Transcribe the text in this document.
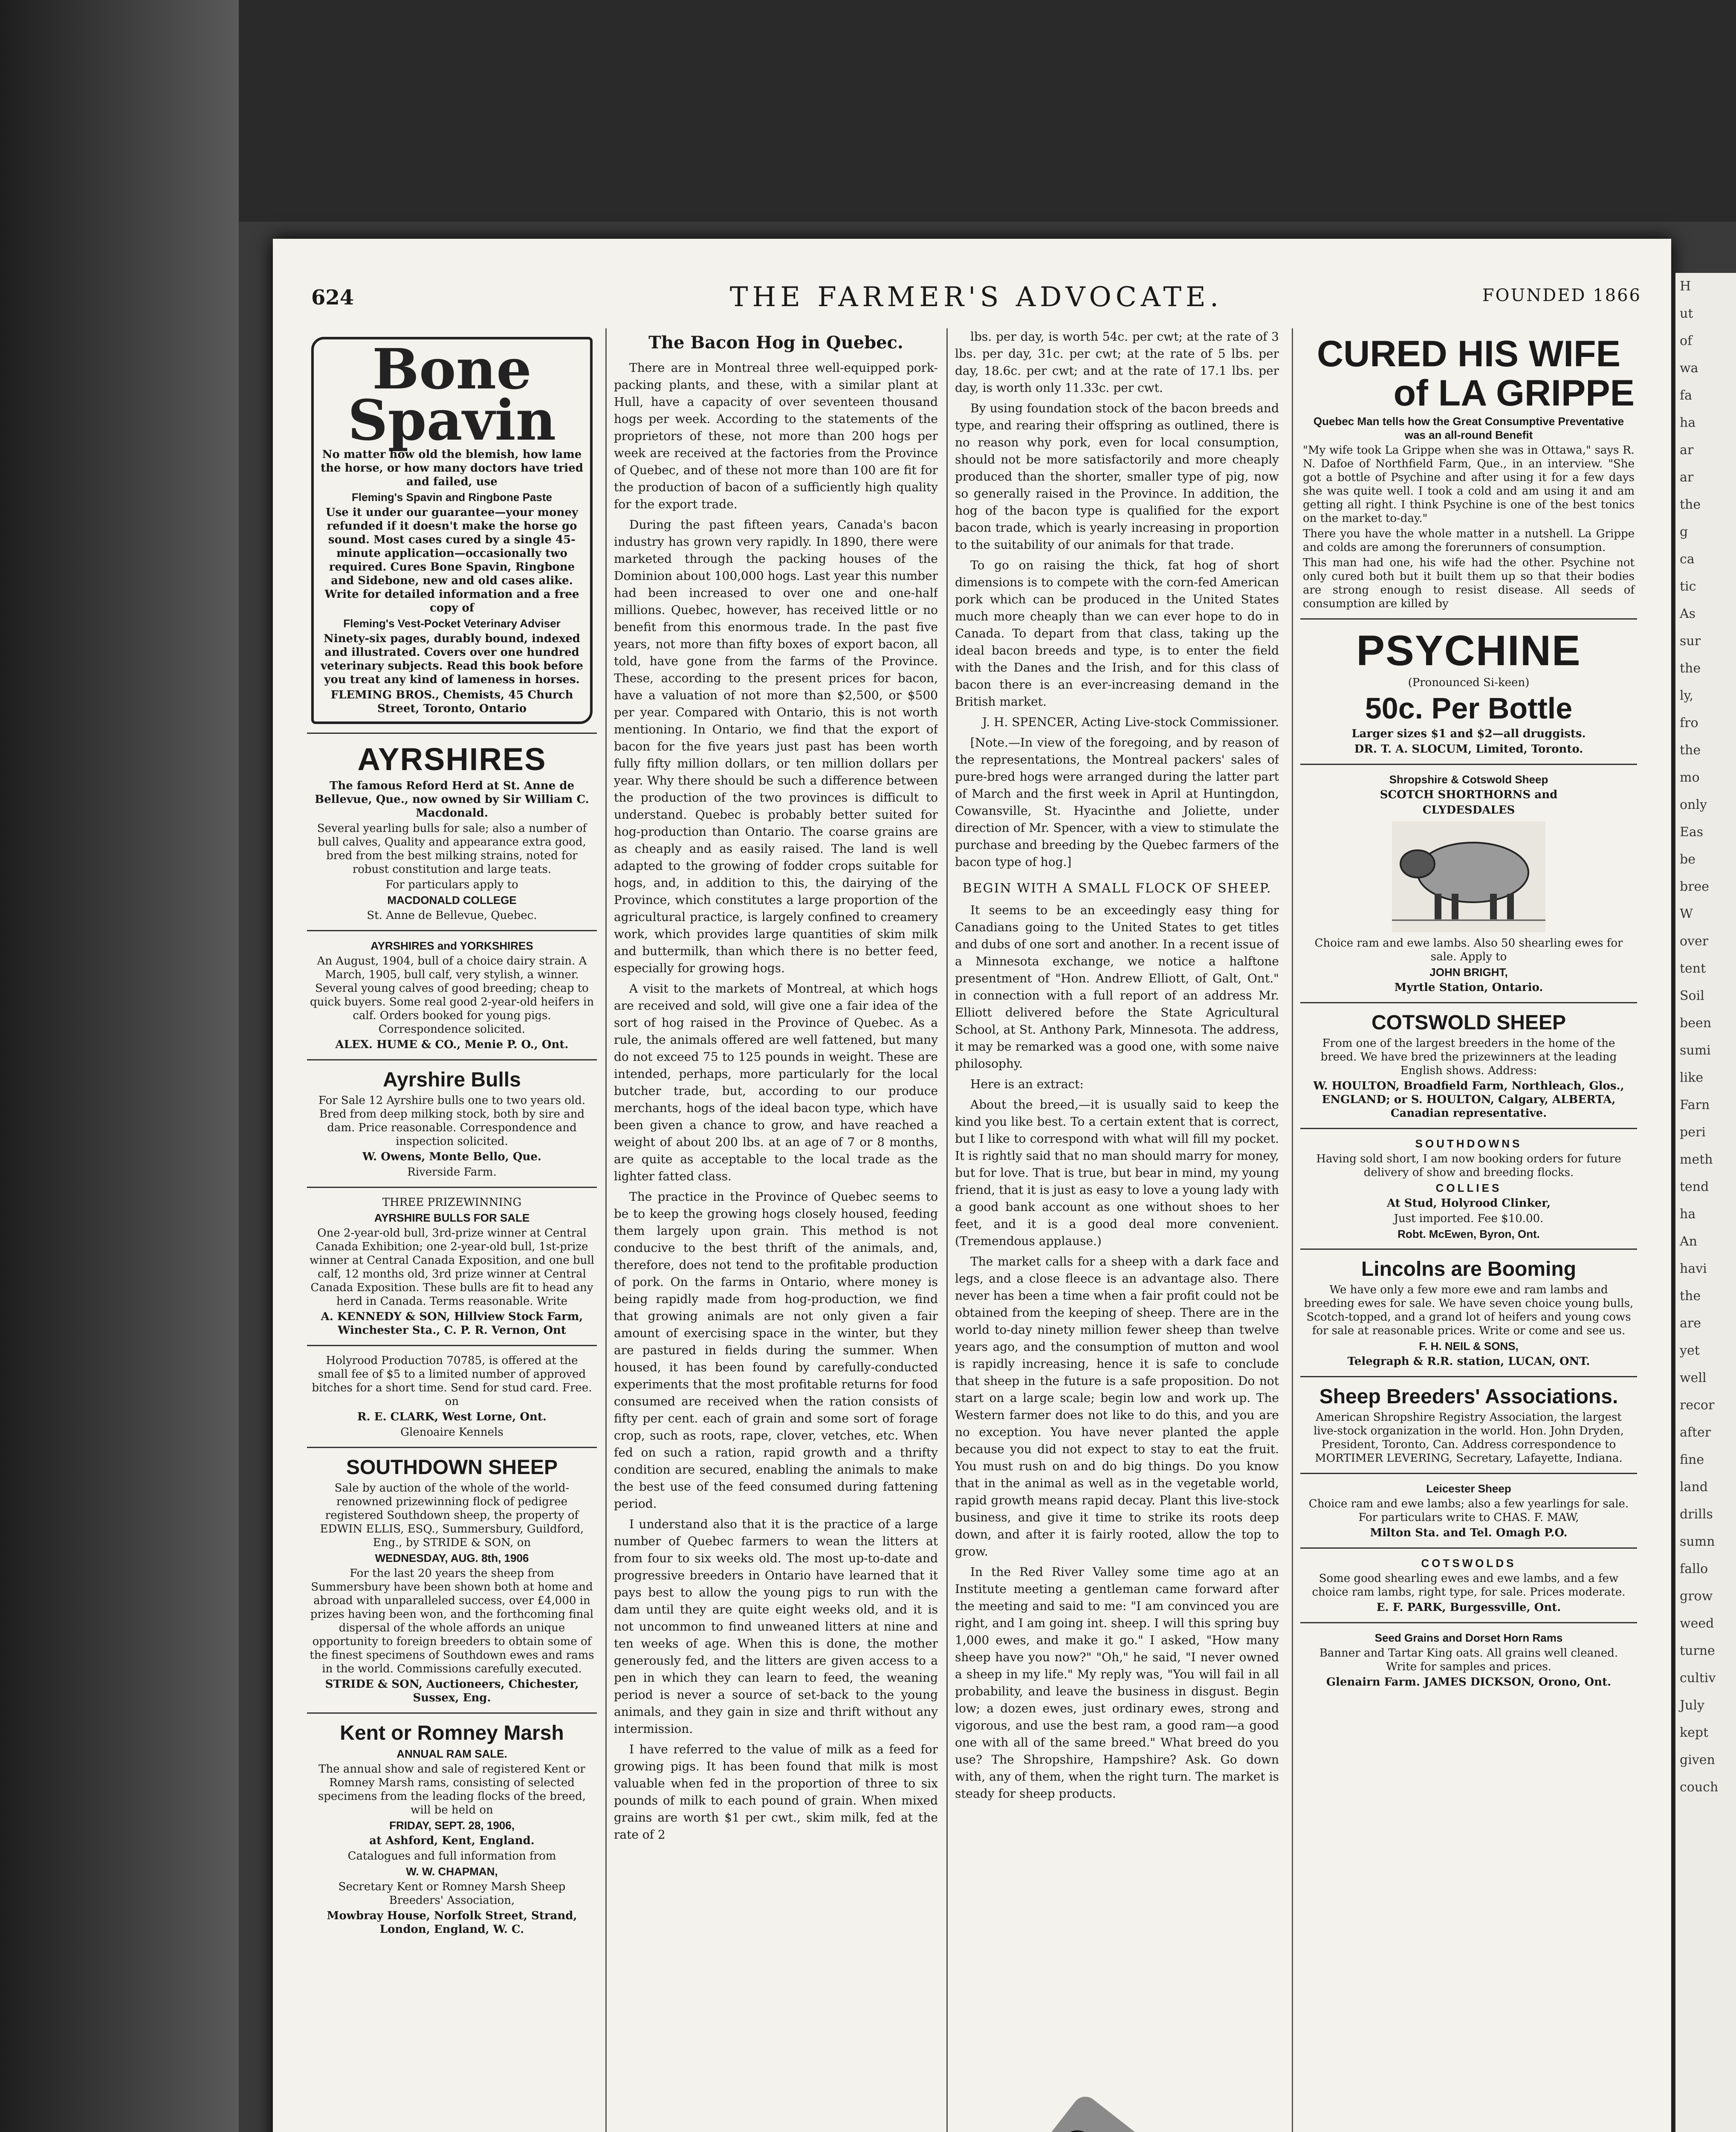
624	THE FARMER'S ADVOCATE.	FOUNDED 1866
Bone
Spavin

No matter how old the blemish, how lame the horse, or how many doctors have tried and failed, use

Fleming's Spavin and Ringbone Paste

Use it under our guarantee—your money refunded if it doesn't make the horse go sound. Most cases cured by a single 45-minute application—occasionally two required. Cures Bone Spavin, Ringbone and Sidebone, new and old cases alike. Write for detailed information and a free copy of

Fleming's Vest-Pocket Veterinary Adviser

Ninety-six pages, durably bound, indexed and illustrated. Covers over one hundred veterinary subjects. Read this book before you treat any kind of lameness in horses.

FLEMING BROS., Chemists, 45 Church Street, Toronto, Ontario

AYRSHIRES

The famous Reford Herd at St. Anne de Bellevue, Que., now owned by Sir William C. Macdonald.

Several yearling bulls for sale; also a number of bull calves, Quality and appearance extra good, bred from the best milking strains, noted for robust constitution and large teats.

For particulars apply to

MACDONALD COLLEGE

St. Anne de Bellevue, Quebec.

AYRSHIRES and YORKSHIRES

An August, 1904, bull of a choice dairy strain. A March, 1905, bull calf, very stylish, a winner. Several young calves of good breeding; cheap to quick buyers. Some real good 2-year-old heifers in calf. Orders booked for young pigs. Correspondence solicited.

ALEX. HUME & CO., Menie P. O., Ont.

Ayrshire Bulls

For Sale 12 Ayrshire bulls one to two years old. Bred from deep milking stock, both by sire and dam. Price reasonable. Correspondence and inspection solicited.

W. Owens, Monte Bello, Que.

Riverside Farm.

THREE PRIZEWINNING

AYRSHIRE BULLS FOR SALE

One 2-year-old bull, 3rd-prize winner at Central Canada Exhibition; one 2-year-old bull, 1st-prize winner at Central Canada Exposition, and one bull calf, 12 months old, 3rd prize winner at Central Canada Exposition. These bulls are fit to head any herd in Canada. Terms reasonable. Write

A. KENNEDY & SON, Hillview Stock Farm, Winchester Sta., C. P. R. Vernon, Ont

Holyrood Production 70785, is offered at the small fee of $5 to a limited number of approved bitches for a short time. Send for stud card. Free. on

R. E. CLARK, West Lorne, Ont.

Glenoaire Kennels

SOUTHDOWN SHEEP

Sale by auction of the whole of the world-renowned prizewinning flock of pedigree registered Southdown sheep, the property of EDWIN ELLIS, ESQ., Summersbury, Guildford, Eng., by STRIDE & SON, on

WEDNESDAY, AUG. 8th, 1906

For the last 20 years the sheep from Summersbury have been shown both at home and abroad with unparalleled success, over £4,000 in prizes having been won, and the forthcoming final dispersal of the whole affords an unique opportunity to foreign breeders to obtain some of the finest specimens of Southdown ewes and rams in the world. Commissions carefully executed.

STRIDE & SON, Auctioneers, Chichester, Sussex, Eng.

Kent or Romney Marsh

ANNUAL RAM SALE.

The annual show and sale of registered Kent or Romney Marsh rams, consisting of selected specimens from the leading flocks of the breed, will be held on

FRIDAY, SEPT. 28, 1906,

at Ashford, Kent, England.

Catalogues and full information from

W. W. CHAPMAN,

Secretary Kent or Romney Marsh Sheep Breeders' Association,

Mowbray House, Norfolk Street, Strand, London, England, W. C.

The Bacon Hog in Quebec.

There are in Montreal three well-equipped pork-packing plants, and these, with a similar plant at Hull, have a capacity of over seventeen thousand hogs per week. According to the statements of the proprietors of these, not more than 200 hogs per week are received at the factories from the Province of Quebec, and of these not more than 100 are fit for the production of bacon of a sufficiently high quality for the export trade.

During the past fifteen years, Canada's bacon industry has grown very rapidly. In 1890, there were marketed through the packing houses of the Dominion about 100,000 hogs. Last year this number had been increased to over one and one-half millions. Quebec, however, has received little or no benefit from this enormous trade. In the past five years, not more than fifty boxes of export bacon, all told, have gone from the farms of the Province. These, according to the present prices for bacon, have a valuation of not more than $2,500, or $500 per year. Compared with Ontario, this is not worth mentioning. In Ontario, we find that the export of bacon for the five years just past has been worth fully fifty million dollars, or ten million dollars per year. Why there should be such a difference between the production of the two provinces is difficult to understand. Quebec is probably better suited for hog-production than Ontario. The coarse grains are as cheaply and as easily raised. The land is well adapted to the growing of fodder crops suitable for hogs, and, in addition to this, the dairying of the Province, which constitutes a large proportion of the agricultural practice, is largely confined to creamery work, which provides large quantities of skim milk and buttermilk, than which there is no better feed, especially for growing hogs.

A visit to the markets of Montreal, at which hogs are received and sold, will give one a fair idea of the sort of hog raised in the Province of Quebec. As a rule, the animals offered are well fattened, but many do not exceed 75 to 125 pounds in weight. These are intended, perhaps, more particularly for the local butcher trade, but, according to our produce merchants, hogs of the ideal bacon type, which have been given a chance to grow, and have reached a weight of about 200 lbs. at an age of 7 or 8 months, are quite as acceptable to the local trade as the lighter fatted class.

The practice in the Province of Quebec seems to be to keep the growing hogs closely housed, feeding them largely upon grain. This method is not conducive to the best thrift of the animals, and, therefore, does not tend to the profitable production of pork. On the farms in Ontario, where money is being rapidly made from hog-production, we find that growing animals are not only given a fair amount of exercising space in the winter, but they are pastured in fields during the summer. When housed, it has been found by carefully-conducted experiments that the most profitable returns for food consumed are received when the ration consists of fifty per cent. each of grain and some sort of forage crop, such as roots, rape, clover, vetches, etc. When fed on such a ration, rapid growth and a thrifty condition are secured, enabling the animals to make the best use of the feed consumed during fattening period.

I understand also that it is the practice of a large number of Quebec farmers to wean the litters at from four to six weeks old. The most up-to-date and progressive breeders in Ontario have learned that it pays best to allow the young pigs to run with the dam until they are quite eight weeks old, and it is not uncommon to find unweaned litters at nine and ten weeks of age. When this is done, the mother generously fed, and the litters are given access to a pen in which they can learn to feed, the weaning period is never a source of set-back to the young animals, and they gain in size and thrift without any intermission.

I have referred to the value of milk as a feed for growing pigs. It has been found that milk is most valuable when fed in the proportion of three to six pounds of milk to each pound of grain. When mixed grains are worth $1 per cwt., skim milk, fed at the rate of 2

lbs. per day, is worth 54c. per cwt; at the rate of 3 lbs. per day, 31c. per cwt; at the rate of 5 lbs. per day, 18.6c. per cwt; and at the rate of 17.1 lbs. per day, is worth only 11.33c. per cwt.

By using foundation stock of the bacon breeds and type, and rearing their offspring as outlined, there is no reason why pork, even for local consumption, should not be more satisfactorily and more cheaply produced than the shorter, smaller type of pig, now so generally raised in the Province. In addition, the hog of the bacon type is qualified for the export bacon trade, which is yearly increasing in proportion to the suitability of our animals for that trade.

To go on raising the thick, fat hog of short dimensions is to compete with the corn-fed American pork which can be produced in the United States much more cheaply than we can ever hope to do in Canada. To depart from that class, taking up the ideal bacon breeds and type, is to enter the field with the Danes and the Irish, and for this class of bacon there is an ever-increasing demand in the British market.

J. H. SPENCER, Acting Live-stock Commissioner.

[Note.—In view of the foregoing, and by reason of the representations, the Montreal packers' sales of pure-bred hogs were arranged during the latter part of March and the first week in April at Huntingdon, Cowansville, St. Hyacinthe and Joliette, under direction of Mr. Spencer, with a view to stimulate the purchase and breeding by the Quebec farmers of the bacon type of hog.]

BEGIN WITH A SMALL FLOCK OF SHEEP.

It seems to be an exceedingly easy thing for Canadians going to the United States to get titles and dubs of one sort and another. In a recent issue of a Minnesota exchange, we notice a halftone presentment of "Hon. Andrew Elliott, of Galt, Ont." in connection with a full report of an address Mr. Elliott delivered before the State Agricultural School, at St. Anthony Park, Minnesota. The address, it may be remarked was a good one, with some naive philosophy.

Here is an extract:

About the breed,—it is usually said to keep the kind you like best. To a certain extent that is correct, but I like to correspond with what will fill my pocket. It is rightly said that no man should marry for money, but for love. That is true, but bear in mind, my young friend, that it is just as easy to love a young lady with a good bank account as one without shoes to her feet, and it is a good deal more convenient. (Tremendous applause.)

The market calls for a sheep with a dark face and legs, and a close fleece is an advantage also. There never has been a time when a fair profit could not be obtained from the keeping of sheep. There are in the world to-day ninety million fewer sheep than twelve years ago, and the consumption of mutton and wool is rapidly increasing, hence it is safe to conclude that sheep in the future is a safe proposition. Do not start on a large scale; begin low and work up. The Western farmer does not like to do this, and you are no exception. You have never planted the apple because you did not expect to stay to eat the fruit. You must rush on and do big things. Do you know that in the animal as well as in the vegetable world, rapid growth means rapid decay. Plant this live-stock business, and give it time to strike its roots deep down, and after it is fairly rooted, allow the top to grow.

In the Red River Valley some time ago at an Institute meeting a gentleman came forward after the meeting and said to me: "I am convinced you are right, and I am going int. sheep. I will this spring buy 1,000 ewes, and make it go." I asked, "How many sheep have you now?" "Oh," he said, "I never owned a sheep in my life." My reply was, "You will fail in all probability, and leave the business in disgust. Begin low; a dozen ewes, just ordinary ewes, strong and vigorous, and use the best ram, a good ram—a good one with all of the same breed." What breed do you use? The Shropshire, Hampshire? Ask. Go down with, any of them, when the right turn. The market is steady for sheep products.

CURED HIS WIFE
of LA GRIPPE

Quebec Man tells how the Great Consumptive Preventative was an all-round Benefit

"My wife took La Grippe when she was in Ottawa," says R. N. Dafoe of Northfield Farm, Que., in an interview. "She got a bottle of Psychine and after using it for a few days she was quite well. I took a cold and am using it and am getting all right. I think Psychine is one of the best tonics on the market to-day."

There you have the whole matter in a nutshell. La Grippe and colds are among the forerunners of consumption.

This man had one, his wife had the other. Psychine not only cured both but it built them up so that their bodies are strong enough to resist disease. All seeds of consumption are killed by

PSYCHINE

(Pronounced Si-keen)

50c. Per Bottle

Larger sizes $1 and $2—all druggists.

DR. T. A. SLOCUM, Limited, Toronto.

Shropshire & Cotswold Sheep

SCOTCH SHORTHORNS and

CLYDESDALES

Choice ram and ewe lambs. Also 50 shearling ewes for sale. Apply to

JOHN BRIGHT,

Myrtle Station, Ontario.

COTSWOLD SHEEP

From one of the largest breeders in the home of the breed. We have bred the prizewinners at the leading English shows. Address:

W. HOULTON, Broadfield Farm, Northleach, Glos., ENGLAND; or S. HOULTON, Calgary, ALBERTA, Canadian representative.

SOUTHDOWNS

Having sold short, I am now booking orders for future delivery of show and breeding flocks.

COLLIES

At Stud, Holyrood Clinker,

Just imported. Fee $10.00.

Robt. McEwen, Byron, Ont.

Lincolns are Booming

We have only a few more ewe and ram lambs and breeding ewes for sale. We have seven choice young bulls, Scotch-topped, and a grand lot of heifers and young cows for sale at reasonable prices. Write or come and see us.

F. H. NEIL & SONS,

Telegraph & R.R. station, LUCAN, ONT.

Sheep Breeders' Associations.

American Shropshire Registry Association, the largest live-stock organization in the world. Hon. John Dryden, President, Toronto, Can. Address correspondence to MORTIMER LEVERING, Secretary, Lafayette, Indiana.

Leicester Sheep

Choice ram and ewe lambs; also a few yearlings for sale. For particulars write to CHAS. F. MAW,

Milton Sta. and Tel. Omagh P.O.

COTSWOLDS

Some good shearling ewes and ewe lambs, and a few choice ram lambs, right type, for sale. Prices moderate.

E. F. PARK, Burgessville, Ont.

Seed Grains and Dorset Horn Rams

Banner and Tartar King oats. All grains well cleaned. Write for samples and prices.

Glenairn Farm. JAMES DICKSON, Orono, Ont.

H

ut

of

wa

fa

ha

ar

ar

the

g

ca

tic

As

sur

the

ly,

fro

the

mo

only

Eas

be

bree

W

over

tent

Soil

been

sumi

like

Farn

peri

meth

tend

ha

An

havi

the

are

yet

well

recor

after

fine

land

drills

sumn

fallo

grow

weed

turne

cultiv

July

kept

given

couch
